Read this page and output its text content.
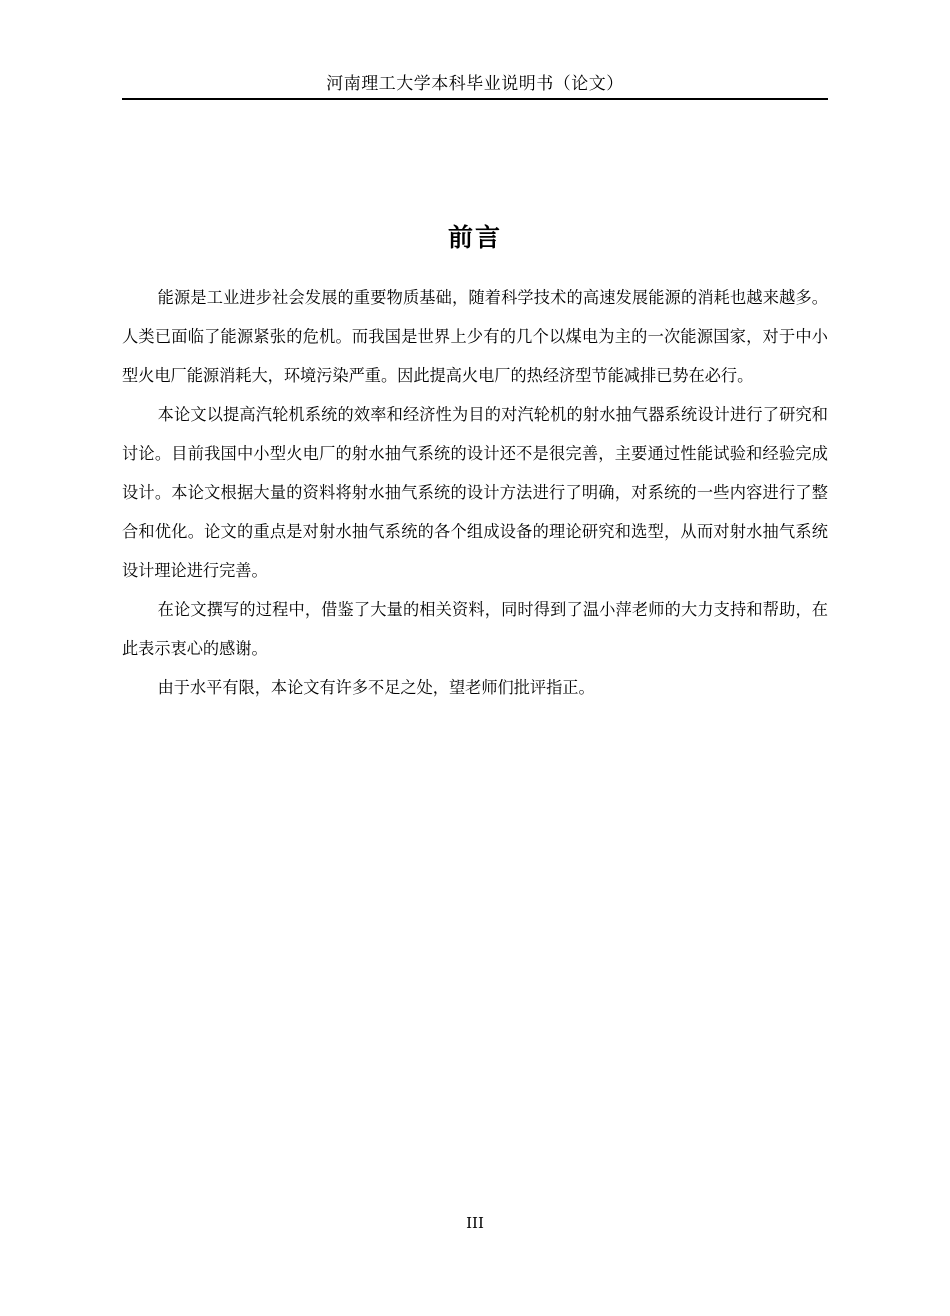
河南理工大学本科毕业说明书（论文）
前言

能源是工业进步社会发展的重要物质基础，随着科学技术的高速发展能源的消耗也越来越多。人类已面临了能源紧张的危机。而我国是世界上少有的几个以煤电为主的一次能源国家，对于中小型火电厂能源消耗大，环境污染严重。因此提高火电厂的热经济型节能减排已势在必行。

本论文以提高汽轮机系统的效率和经济性为目的对汽轮机的射水抽气器系统设计进行了研究和讨论。目前我国中小型火电厂的射水抽气系统的设计还不是很完善，主要通过性能试验和经验完成设计。本论文根据大量的资料将射水抽气系统的设计方法进行了明确，对系统的一些内容进行了整合和优化。论文的重点是对射水抽气系统的各个组成设备的理论研究和选型，从而对射水抽气系统设计理论进行完善。

在论文撰写的过程中，借鉴了大量的相关资料，同时得到了温小萍老师的大力支持和帮助，在此表示衷心的感谢。

由于水平有限，本论文有许多不足之处，望老师们批评指正。

III
